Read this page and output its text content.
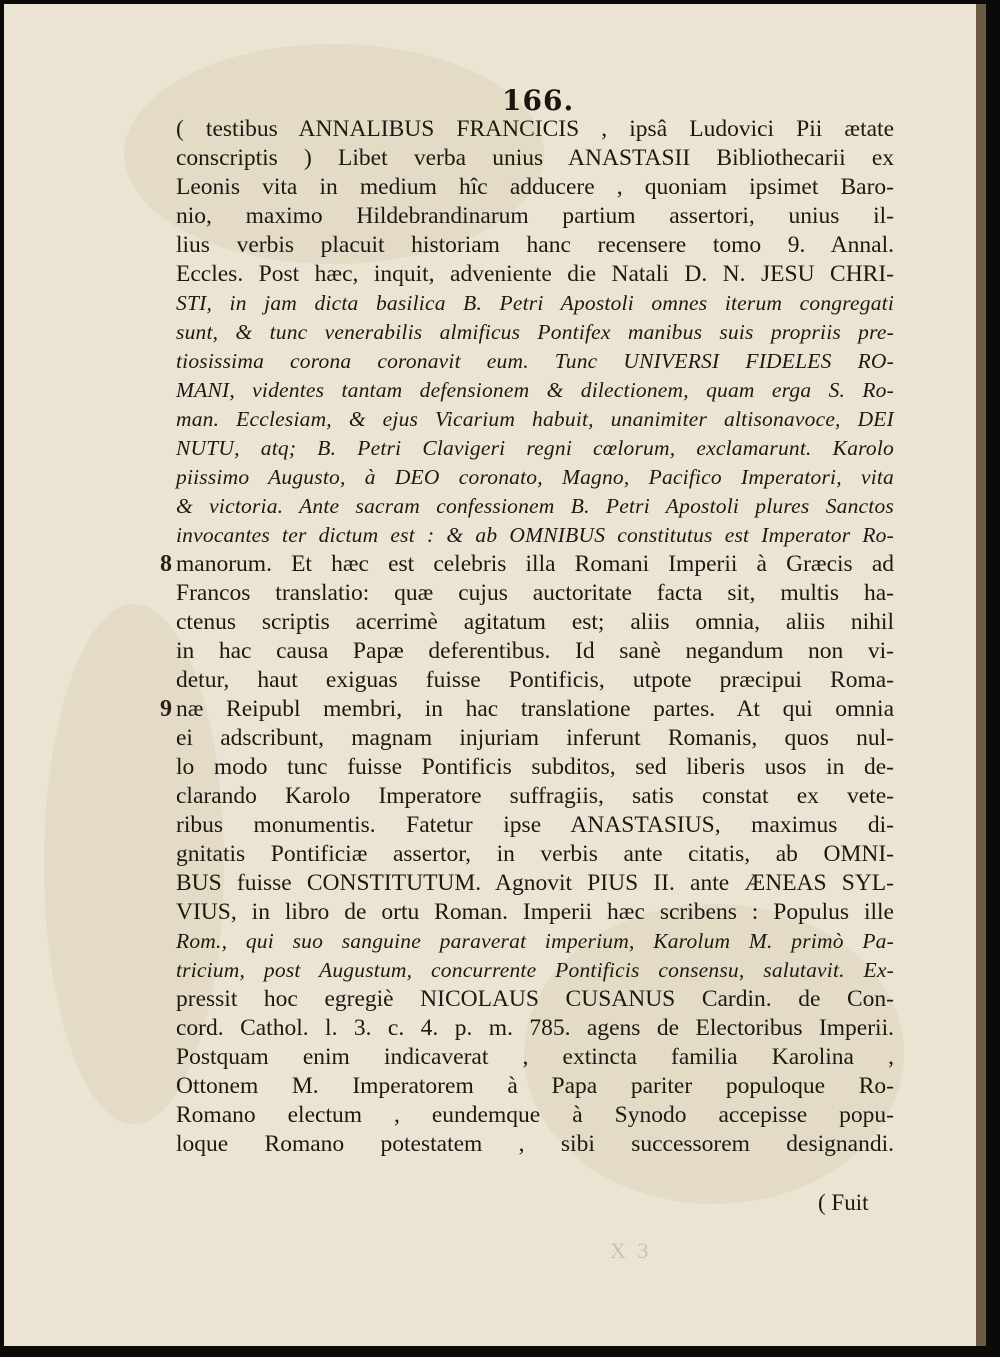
166.
( testibus ANNALIBUS FRANCICIS , ipsâ Ludovici Pii ætate
conscriptis ) Libet verba unius ANASTASII Bibliothecarii ex
Leonis vita in medium hîc adducere , quoniam ipsimet Baro-
nio, maximo Hildebrandinarum partium assertori, unius il-
lius verbis placuit historiam hanc recensere tomo 9. Annal.
Eccles. Post hæc, inquit, adveniente die Natali D. N. JESU CHRI-
STI, in jam dicta basilica B. Petri Apostoli omnes iterum congregati
sunt, & tunc venerabilis almificus Pontifex manibus suis propriis pre-
tiosissima corona coronavit eum. Tunc UNIVERSI FIDELES RO-
MANI, videntes tantam defensionem & dilectionem, quam erga S. Ro-
man. Ecclesiam, & ejus Vicarium habuit, unanimiter altisonavoce, DEI
NUTU, atq; B. Petri Clavigeri regni cœlorum, exclamarunt. Karolo
piissimo Augusto, à DEO coronato, Magno, Pacifico Imperatori, vita
& victoria. Ante sacram confessionem B. Petri Apostoli plures Sanctos
invocantes ter dictum est : & ab OMNIBUS constitutus est Imperator Ro-
manorum. Et hæc est celebris illa Romani Imperii à Græcis ad
Francos translatio: quæ cujus auctoritate facta sit, multis ha-
ctenus scriptis acerrimè agitatum est; aliis omnia, aliis nihil
in hac causa Papæ deferentibus. Id sanè negandum non vi-
detur, haut exiguas fuisse Pontificis, utpote præcipui Roma-
næ Reipubl membri, in hac translatione partes. At qui omnia
ei adscribunt, magnam injuriam inferunt Romanis, quos nul-
lo modo tunc fuisse Pontificis subditos, sed liberis usos in de-
clarando Karolo Imperatore suffragiis, satis constat ex vete-
ribus monumentis. Fatetur ipse ANASTASIUS, maximus di-
gnitatis Pontificiæ assertor, in verbis ante citatis, ab OMNI-
BUS fuisse CONSTITUTUM. Agnovit PIUS II. ante ÆNEAS SYL-
VIUS, in libro de ortu Roman. Imperii hæc scribens : Populus ille
Rom., qui suo sanguine paraverat imperium, Karolum M. primò Pa-
tricium, post Augustum, concurrente Pontificis consensu, salutavit. Ex-
pressit hoc egregiè NICOLAUS CUSANUS Cardin. de Con-
cord. Cathol. l. 3. c. 4. p. m. 785. agens de Electoribus Imperii.
Postquam enim indicaverat , extincta familia Karolina ,
Ottonem M. Imperatorem à Papa pariter populoque Ro-
Romano electum , eundemque à Synodo accepisse popu-
loque Romano potestatem , sibi successorem designandi.
8
9
( Fuit
X 3
